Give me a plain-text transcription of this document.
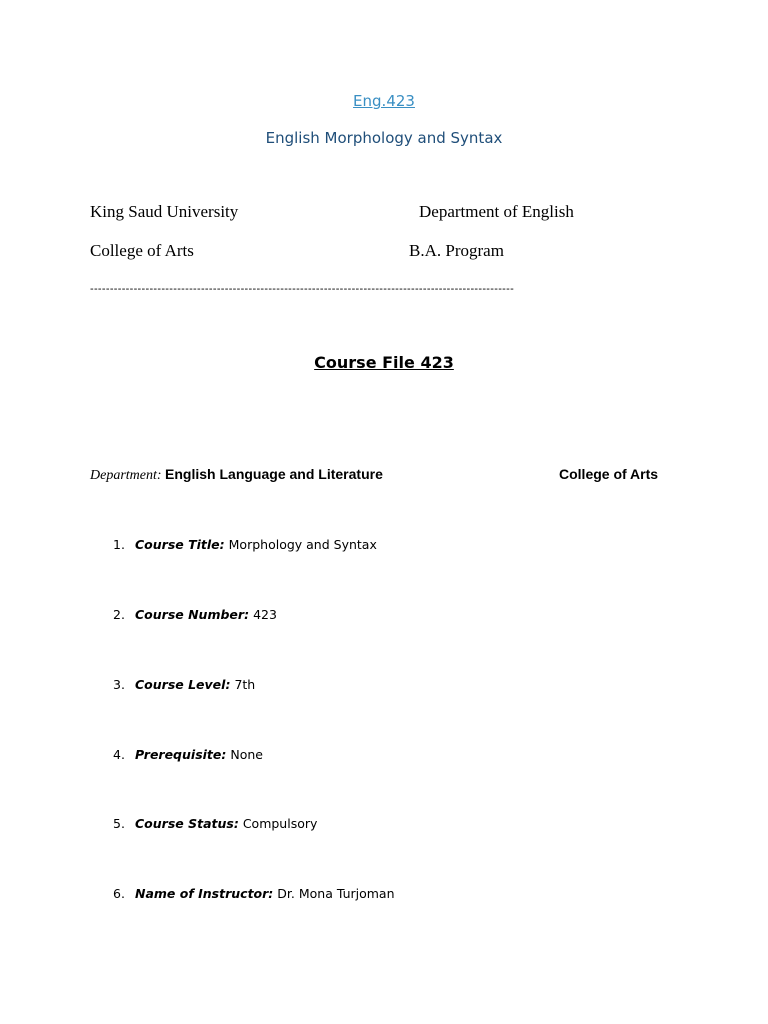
Eng.423
English Morphology and Syntax
King Saud University	Department of English
College of Arts	B.A. Program
-----------------------------------------------------------------------------------------------------------
Course File 423
Department: English Language and Literature	College of Arts
1. Course Title: Morphology and Syntax
2. Course Number: 423
3. Course Level: 7th
4. Prerequisite: None
5. Course Status: Compulsory
6. Name of Instructor: Dr. Mona Turjoman
